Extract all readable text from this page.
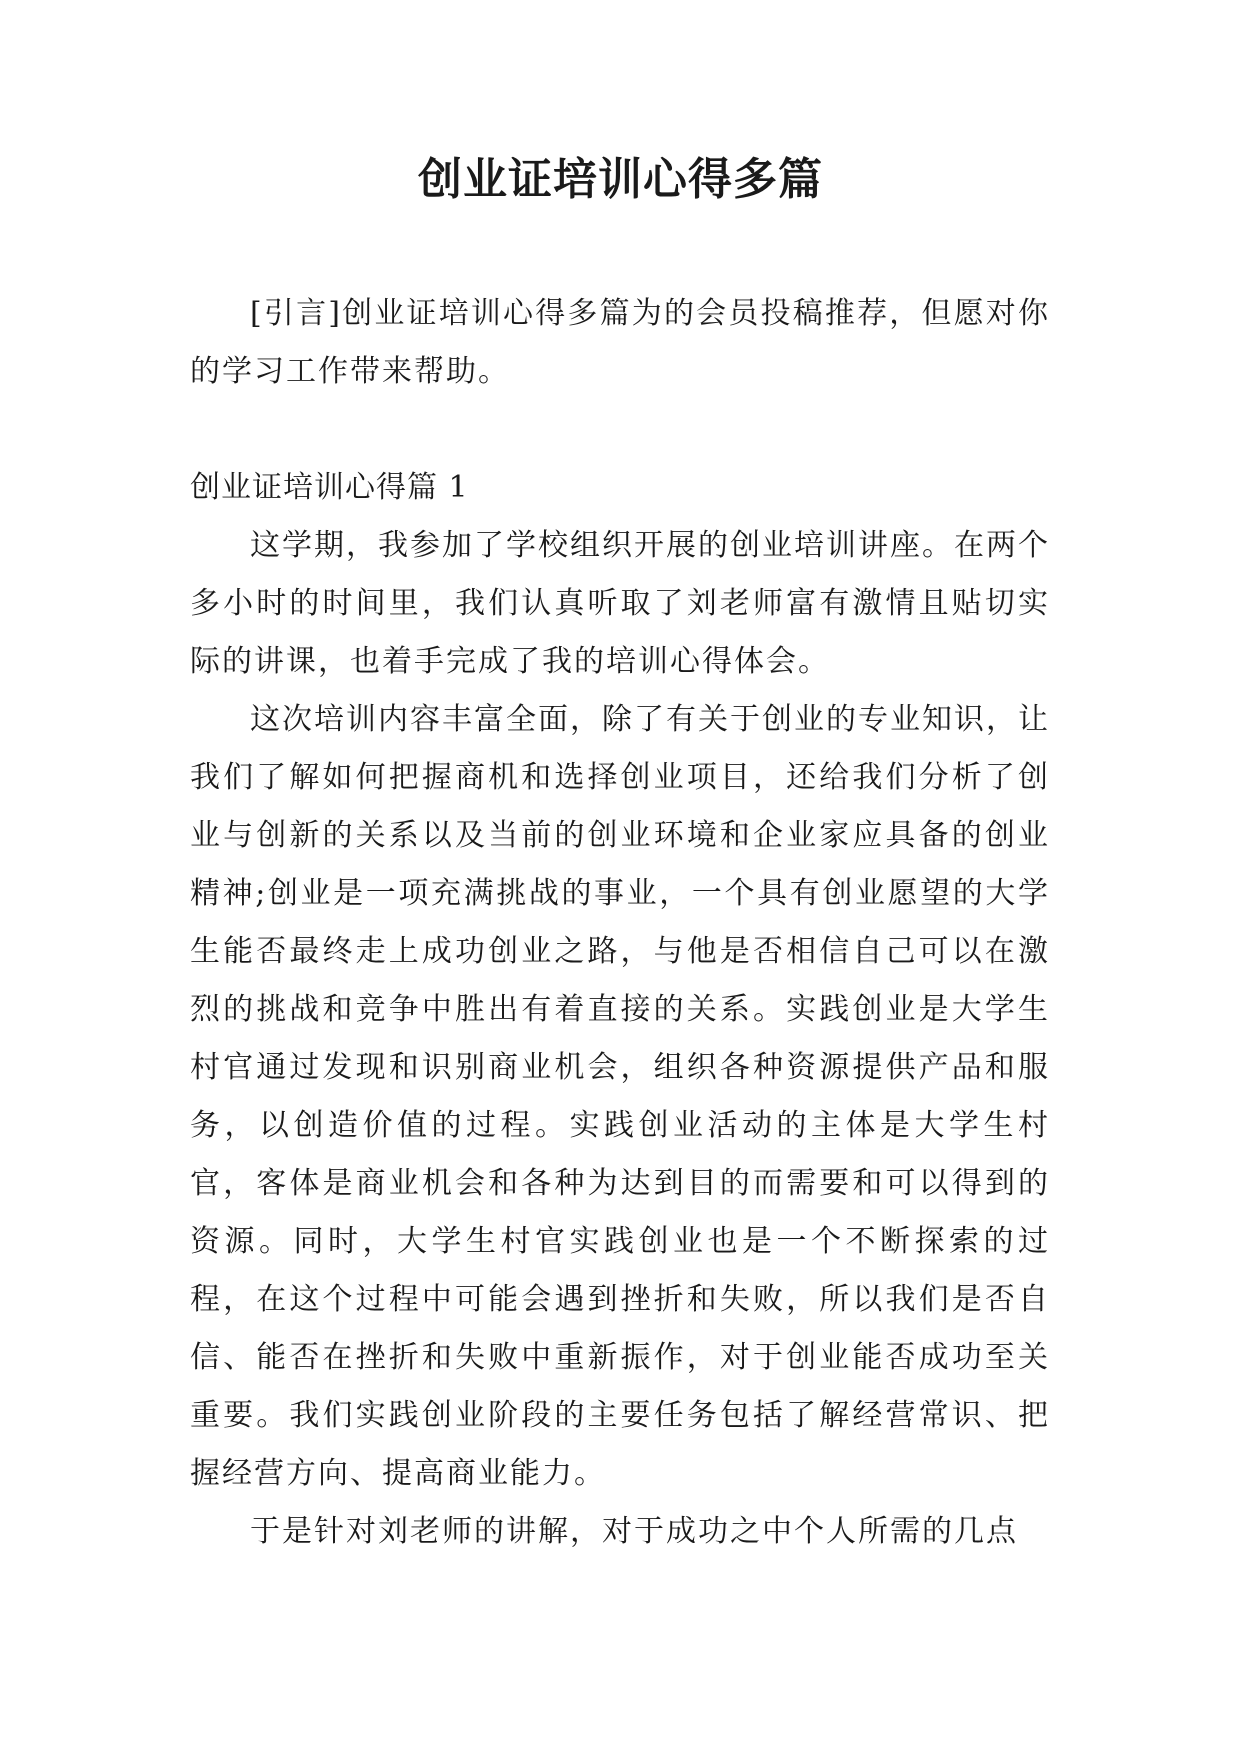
创业证培训心得多篇

[引言]创业证培训心得多篇为的会员投稿推荐，但愿对你的学习工作带来帮助。

创业证培训心得篇 1

这学期，我参加了学校组织开展的创业培训讲座。在两个多小时的时间里，我们认真听取了刘老师富有激情且贴切实际的讲课，也着手完成了我的培训心得体会。

这次培训内容丰富全面，除了有关于创业的专业知识，让我们了解如何把握商机和选择创业项目，还给我们分析了创业与创新的关系以及当前的创业环境和企业家应具备的创业精神;创业是一项充满挑战的事业，一个具有创业愿望的大学生能否最终走上成功创业之路，与他是否相信自己可以在激烈的挑战和竞争中胜出有着直接的关系。实践创业是大学生村官通过发现和识别商业机会，组织各种资源提供产品和服务，以创造价值的过程。实践创业活动的主体是大学生村官，客体是商业机会和各种为达到目的而需要和可以得到的资源。同时，大学生村官实践创业也是一个不断探索的过程，在这个过程中可能会遇到挫折和失败，所以我们是否自信、能否在挫折和失败中重新振作，对于创业能否成功至关重要。我们实践创业阶段的主要任务包括了解经营常识、把握经营方向、提高商业能力。

于是针对刘老师的讲解，对于成功之中个人所需的几点
